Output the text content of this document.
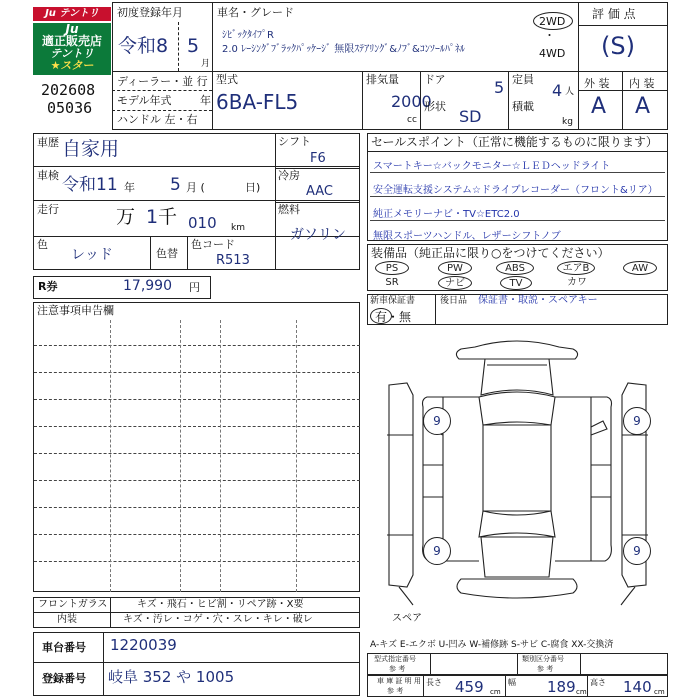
Ju テントリ
Ju
適正販売店
テントリ
★スター
202608
05036
初度登録年月
令和8 5
月
車名・グレード
ｼﾋﾞｯｸﾀｲﾌﾟR
2.0 ﾚｰｼﾝｸﾞﾌﾞﾗｯｸﾊﾟｯｹｰｼﾞ 無限ｽﾃｱﾘﾝｸﾞ&ﾉﾌﾞ&ｺﾝｿｰﾙﾊﾟﾈﾙ
2WD
・
4WD
評 価 点
(S)
外 装 内 装
A A
ディーラー・並 行
モデル年式	年
ハンドル 左・右
型式
6BA-FL5
排気量
2000
cc
ドア	5
形状
SD
定員
4 人
積載
kg
車歴 自家用
車検 令和11 年 5 月 (	日)
走行	万 1 千 010 km
色
レッド	色替
色コード
R513
シフト
F6
冷房
AAC
燃料
ガソリン
R券	17,990 円
注意事項申告欄
フロントガラス	キズ・飛石・ヒビ割・リペア跡・X要
内装	キズ・汚レ・コゲ・穴・スレ・キレ・破レ
車台番号 1220039
登録番号 岐阜 352 や 1005
セールスポイント（正常に機能するものに限ります）
スマートキー☆バックモニター☆ＬＥＤヘッドライト
安全運転支援システム☆ドライブレコーダー（フロント&リア）
純正メモリーナビ・TV☆ETC2.0
無限スポーツハンドル、レザーシフトノブ
装備品（純正品に限り○をつけてください）
PS	PW	ABS	エアB	AW
SR	ナビ	TV	カワ
新車保証書
有・無
後日品 保証書・取説・スペアキー
9	9
9	9
スペア
A-キズ E-エクボ U-凹み W-補修跡 S-サビ C-腐食 XX-交換済
型式指定番号
参 考
類別区分番号
参 考
車 庫 証 明 用
参 考
長さ 459 cm
幅 189 cm
高さ 140 cm
